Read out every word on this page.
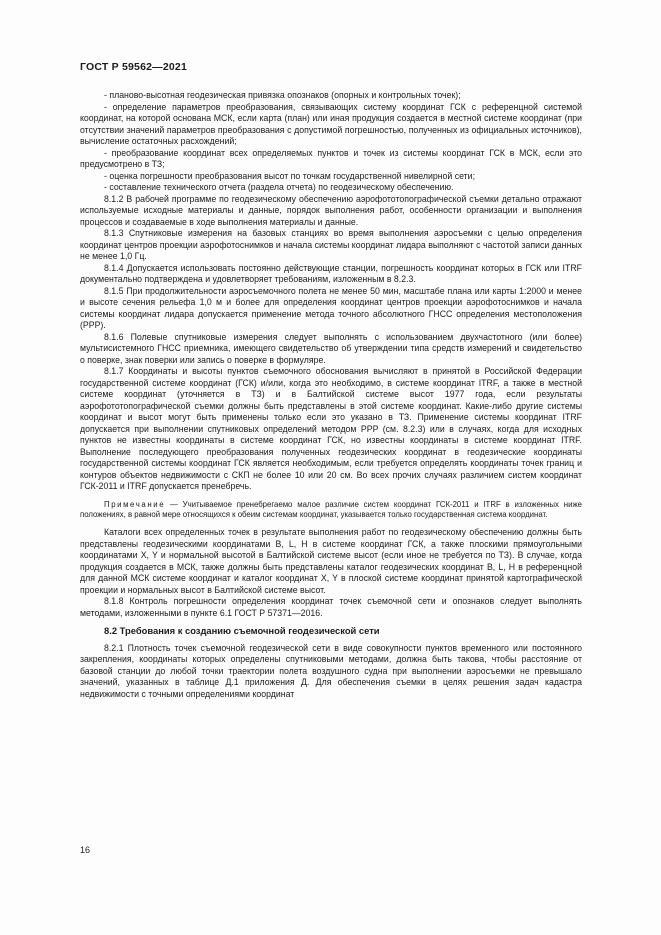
ГОСТ Р 59562—2021

- планово-высотная геодезическая привязка опознаков (опорных и контрольных точек);

- определение параметров преобразования, связывающих систему координат ГСК с референцной системой координат, на которой основана МСК, если карта (план) или иная продукция создается в местной системе координат (при отсутствии значений параметров преобразования с допустимой погрешностью, полученных из официальных источников), вычисление остаточных расхождений;

- преобразование координат всех определяемых пунктов и точек из системы координат ГСК в МСК, если это предусмотрено в ТЗ;

- оценка погрешности преобразования высот по точкам государственной нивелирной сети;

- составление технического отчета (раздела отчета) по геодезическому обеспечению.

8.1.2 В рабочей программе по геодезическому обеспечению аэрофототопографической съемки детально отражают используемые исходные материалы и данные, порядок выполнения работ, особенности организации и выполнения процессов и создаваемые в ходе выполнения материалы и данные.

8.1.3 Спутниковые измерения на базовых станциях во время выполнения аэросъемки с целью определения координат центров проекции аэрофотоснимков и начала системы координат лидара выполняют с частотой записи данных не менее 1,0 Гц.

8.1.4 Допускается использовать постоянно действующие станции, погрешность координат которых в ГСК или ITRF документально подтверждена и удовлетворяет требованиям, изложенным в 8.2.3.

8.1.5 При продолжительности аэросъемочного полета не менее 50 мин, масштабе плана или карты 1:2000 и менее и высоте сечения рельефа 1,0 м и более для определения координат центров проекции аэрофотоснимков и начала системы координат лидара допускается применение метода точного абсолютного ГНСС определения местоположения (PPP).

8.1.6 Полевые спутниковые измерения следует выполнять с использованием двухчастотного (или более) мультисистемного ГНСС приемника, имеющего свидетельство об утверждении типа средств измерений и свидетельство о поверке, знак поверки или запись о поверке в формуляре.

8.1.7 Координаты и высоты пунктов съемочного обоснования вычисляют в принятой в Российской Федерации государственной системе координат (ГСК) и/или, когда это необходимо, в системе координат ITRF, а также в местной системе координат (уточняется в ТЗ) и в Балтийской системе высот 1977 года, если результаты аэрофототопографической съемки должны быть представлены в этой системе координат. Какие-либо другие системы координат и высот могут быть применены только если это указано в ТЗ. Применение системы координат ITRF допускается при выполнении спутниковых определений методом PPP (см. 8.2.3) или в случаях, когда для исходных пунктов не известны координаты в системе координат ГСК, но известны координаты в системе координат ITRF. Выполнение последующего преобразования полученных геодезических координат в геодезические координаты государственной системы координат ГСК является необходимым, если требуется определять координаты точек границ и контуров объектов недвижимости с СКП не более 10 или 20 см. Во всех прочих случаях различием систем координат ГСК-2011 и ITRF допускается пренебречь.

Примечание — Учитываемое пренебрегаемо малое различие систем координат ГСК-2011 и ITRF в изложенных ниже положениях, в равной мере относящихся к обеим системам координат, указывается только государственная система координат.

Каталоги всех определенных точек в результате выполнения работ по геодезическому обеспечению должны быть представлены геодезическими координатами B, L, H в системе координат ГСК, а также плоскими прямоугольными координатами X, Y и нормальной высотой в Балтийской системе высот (если иное не требуется по ТЗ). В случае, когда продукция создается в МСК, также должны быть представлены каталог геодезических координат B, L, H в референцной для данной МСК системе координат и каталог координат X, Y в плоской системе координат принятой картографической проекции и нормальных высот в Балтийской системе высот.

8.1.8 Контроль погрешности определения координат точек съемочной сети и опознаков следует выполнять методами, изложенными в пункте 6.1 ГОСТ Р 57371—2016.

8.2 Требования к созданию съемочной геодезической сети

8.2.1 Плотность точек съемочной геодезической сети в виде совокупности пунктов временного или постоянного закрепления, координаты которых определены спутниковыми методами, должна быть такова, чтобы расстояние от базовой станции до любой точки траектории полета воздушного судна при выполнении аэросъемки не превышало значений, указанных в таблице Д.1 приложения Д. Для обеспечения съемки в целях решения задач кадастра недвижимости с точными определениями координат

16
